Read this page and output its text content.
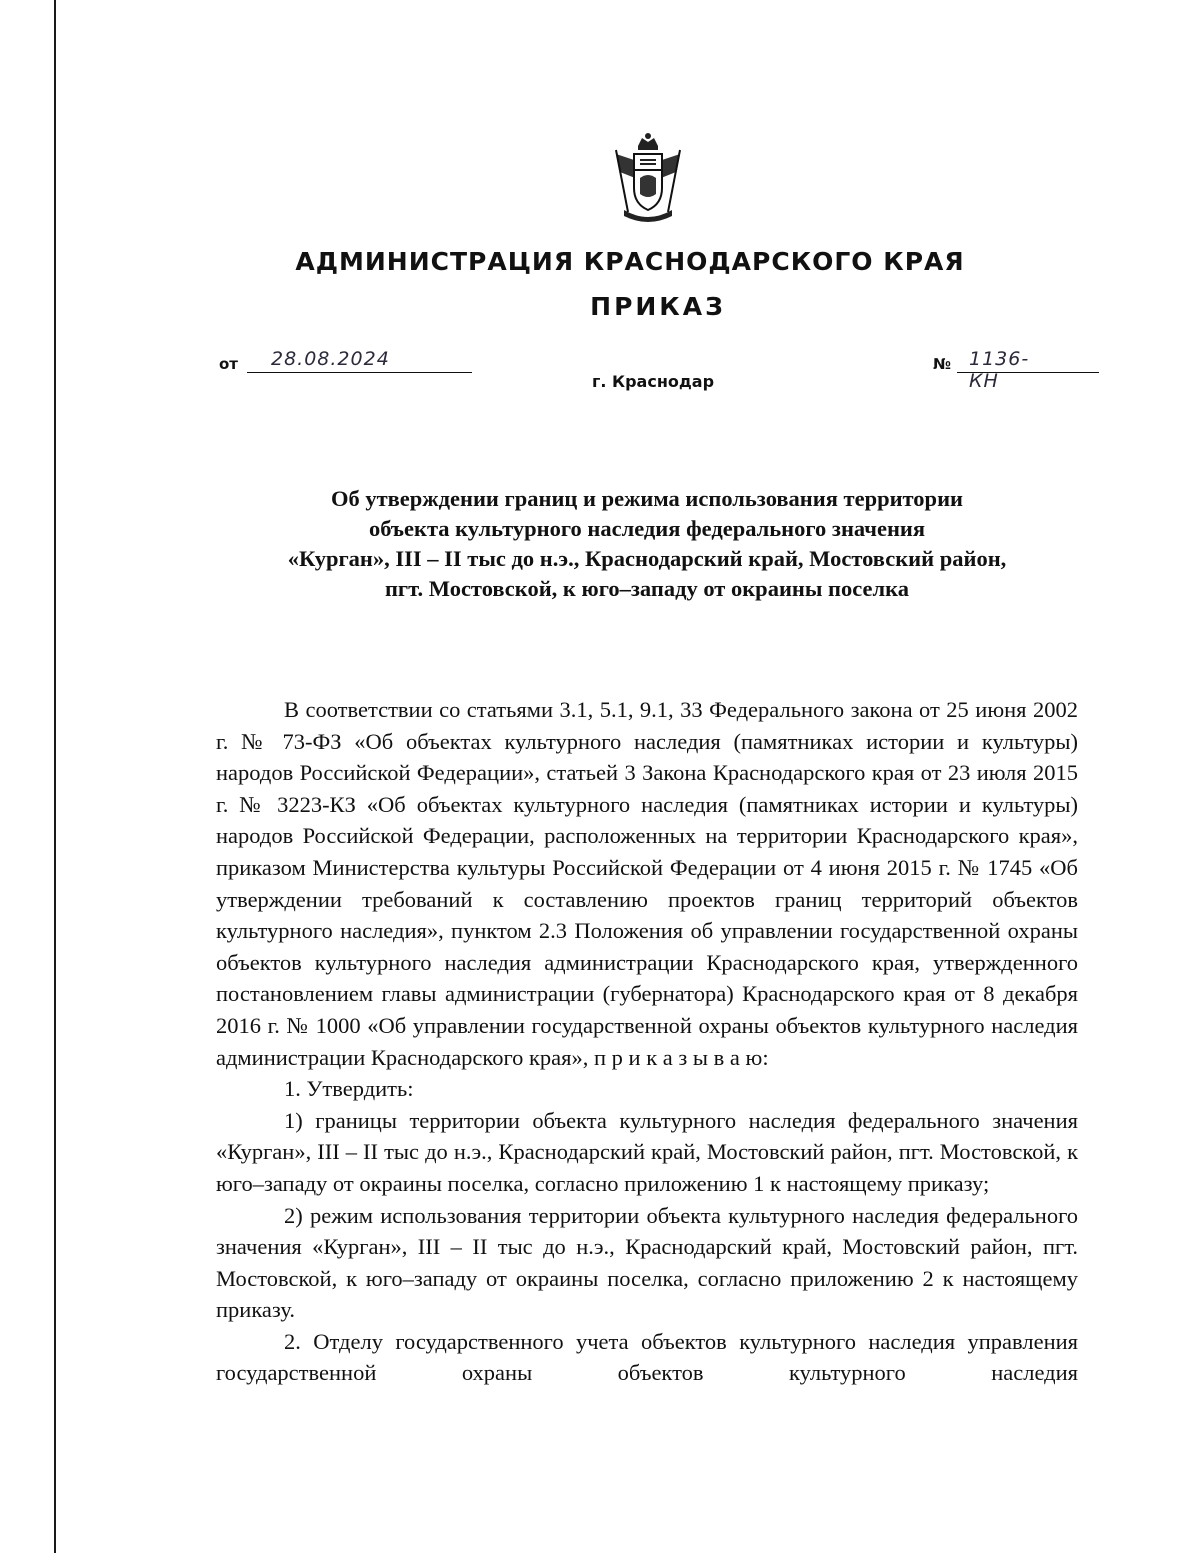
АДМИНИСТРАЦИЯ КРАСНОДАРСКОГО КРАЯ
ПРИКАЗ
от 28.08.2024
г. Краснодар
№ 1136-КН
Об утверждении границ и режима использования территории
объекта культурного наследия федерального значения
«Курган», III – II тыс до н.э., Краснодарский край, Мостовский район,
пгт. Мостовской, к юго–западу от окраины поселка
В соответствии со статьями 3.1, 5.1, 9.1, 33 Федерального закона от 25 июня 2002 г. № 73-ФЗ «Об объектах культурного наследия (памятниках истории и культуры) народов Российской Федерации», статьей 3 Закона Краснодарского края от 23 июля 2015 г. № 3223-КЗ «Об объектах культурного наследия (памятниках истории и культуры) народов Российской Федерации, расположенных на территории Краснодарского края», приказом Министерства культуры Российской Федерации от 4 июня 2015 г. № 1745 «Об утверждении требований к составлению проектов границ территорий объектов культурного наследия», пунктом 2.3 Положения об управлении государственной охраны объектов культурного наследия администрации Краснодарского края, утвержденного постановлением главы администрации (губернатора) Краснодарского края от 8 декабря 2016 г. № 1000 «Об управлении государственной охраны объектов культурного наследия администрации Краснодарского края», п р и к а з ы в а ю:
1. Утвердить:
1) границы территории объекта культурного наследия федерального значения «Курган», III – II тыс до н.э., Краснодарский край, Мостовский район, пгт. Мостовской, к юго–западу от окраины поселка, согласно приложению 1 к настоящему приказу;
2) режим использования территории объекта культурного наследия федерального значения «Курган», III – II тыс до н.э., Краснодарский край, Мостовский район, пгт. Мостовской, к юго–западу от окраины поселка, согласно приложению 2 к настоящему приказу.
2. Отделу государственного учета объектов культурного наследия управления государственной охраны объектов культурного наследия
